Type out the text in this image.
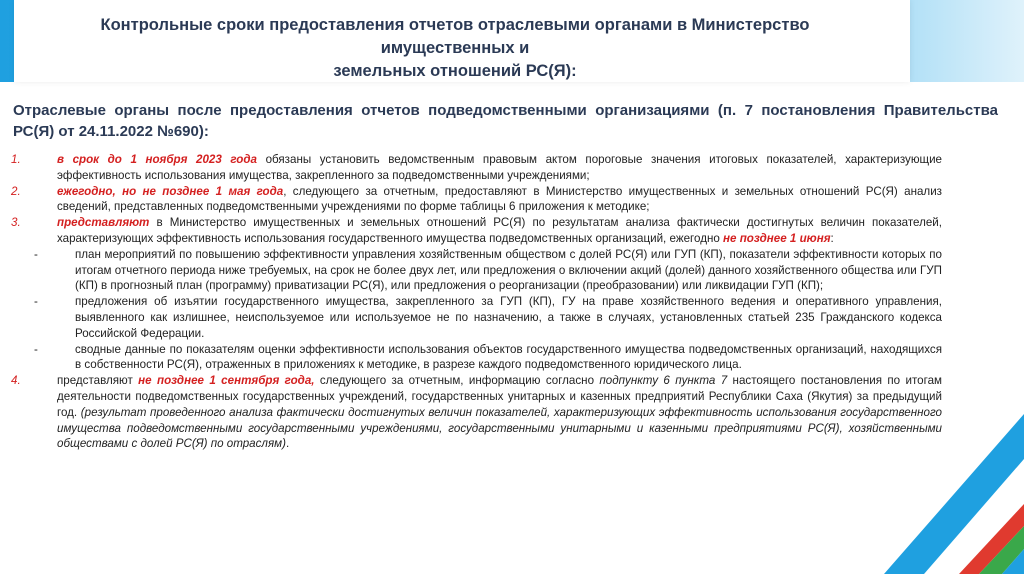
Контрольные сроки предоставления отчетов отраслевыми органами в Министерство имущественных и
земельных отношений РС(Я):
Отраслевые органы после предоставления отчетов подведомственными организациями (п. 7 постановления Правительства РС(Я) от 24.11.2022 №690):

1.	в срок до 1 ноября 2023 года обязаны установить ведомственным правовым актом пороговые значения итоговых показателей, характеризующие эффективность использования имущества, закрепленного за подведомственными учреждениями;

2.	ежегодно, но не позднее 1 мая года, следующего за отчетным, предоставляют в Министерство имущественных и земельных отношений РС(Я) анализ сведений, представленных подведомственными учреждениями по форме таблицы 6 приложения к методике;

3.	представляют в Министерство имущественных и земельных отношений РС(Я) по результатам анализа фактически достигнутых величин показателей, характеризующих эффективность использования государственного имущества подведомственных организаций, ежегодно не позднее 1 июня:

-	план мероприятий по повышению эффективности управления хозяйственным обществом с долей РС(Я) или ГУП (КП), показатели эффективности которых по итогам отчетного периода ниже требуемых, на срок не более двух лет, или предложения о включении акций (долей) данного хозяйственного общества или ГУП (КП) в прогнозный план (программу) приватизации РС(Я), или предложения о реорганизации (преобразовании) или ликвидации ГУП (КП);

-	предложения об изъятии государственного имущества, закрепленного за ГУП (КП), ГУ на праве хозяйственного ведения и оперативного управления, выявленного как излишнее, неиспользуемое или используемое не по назначению, а также в случаях, установленных статьей 235 Гражданского кодекса Российской Федерации.

-	сводные данные по показателям оценки эффективности использования объектов государственного имущества подведомственных организаций, находящихся в собственности РС(Я), отраженных в приложениях к методике, в разрезе каждого подведомственного юридического лица.

4.	представляют не позднее 1 сентября года, следующего за отчетным, информацию согласно подпункту 6 пункта 7 настоящего постановления по итогам деятельности подведомственных государственных учреждений, государственных унитарных и казенных предприятий Республики Саха (Якутия) за предыдущий год. (результат проведенного анализа фактически достигнутых величин показателей, характеризующих эффективность использования государственного имущества подведомственными государственными учреждениями, государственными унитарными и казенными предприятиями РС(Я), хозяйственными обществами с долей РС(Я) по отраслям).
